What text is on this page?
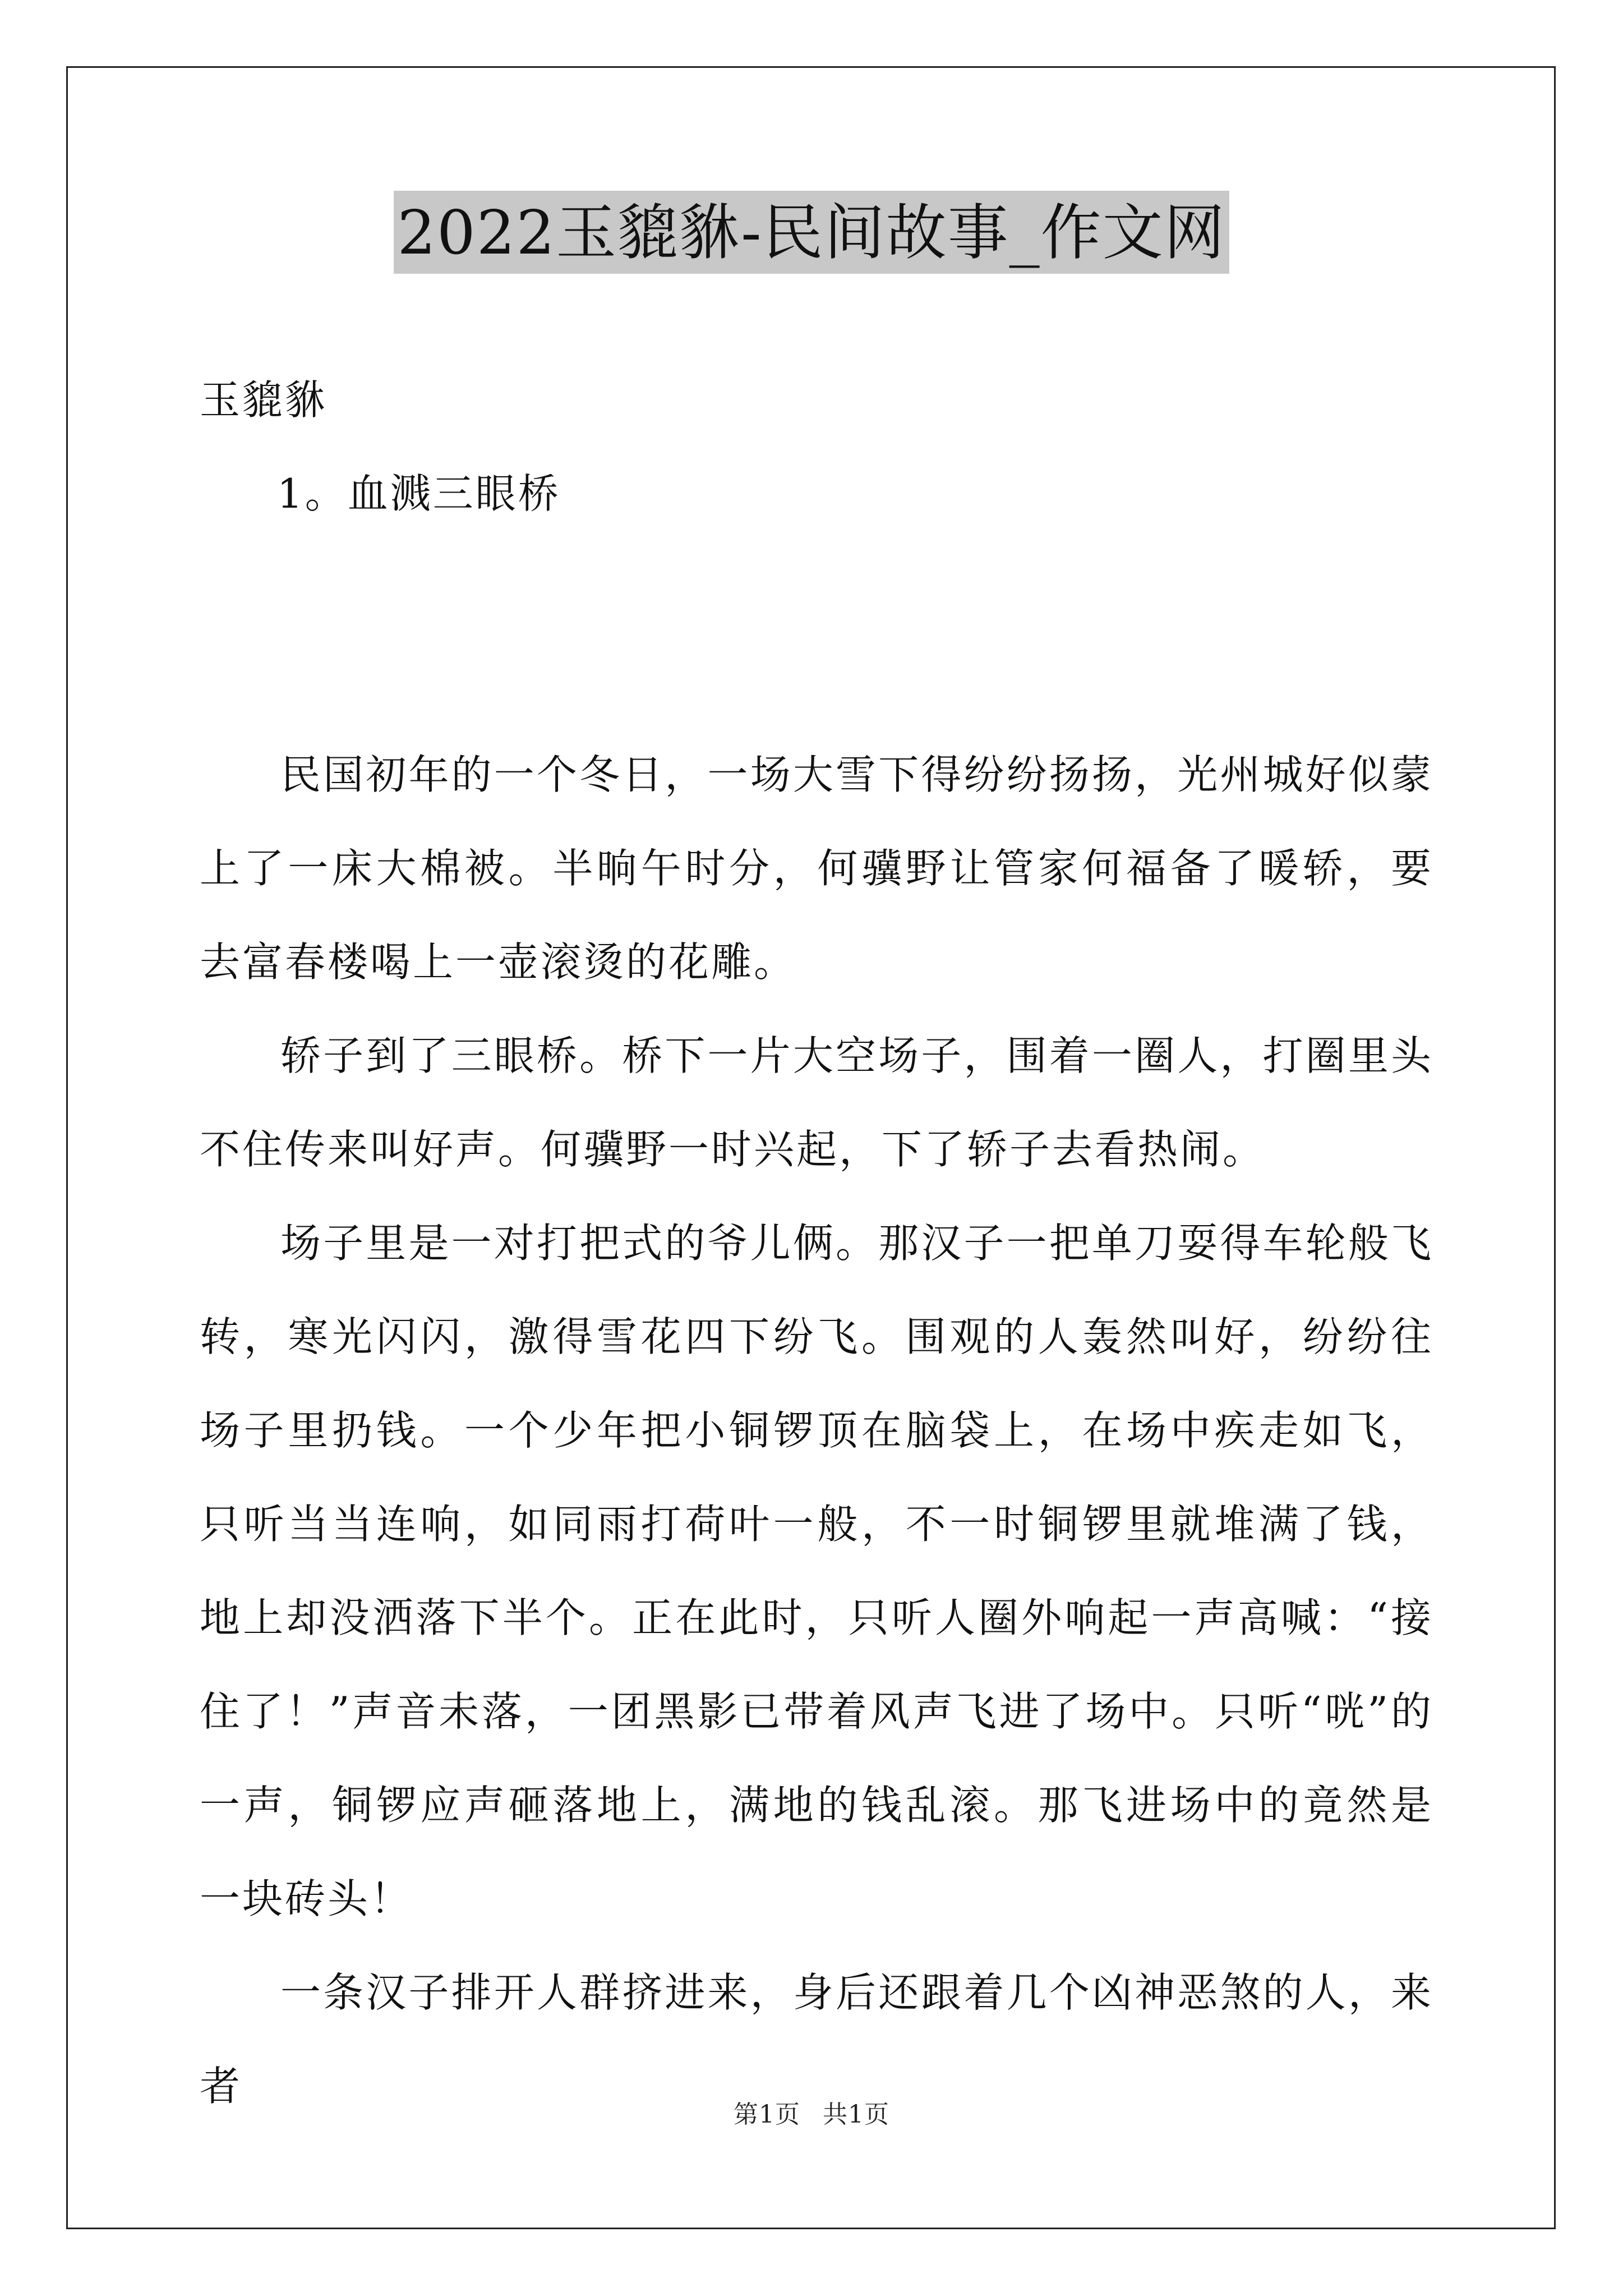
2022玉貔貅-民间故事_作文网

玉貔貅

1。血溅三眼桥

民国初年的一个冬日，一场大雪下得纷纷扬扬，光州城好似蒙上了一床大棉被。半晌午时分，何骥野让管家何福备了暖轿，要去富春楼喝上一壶滚烫的花雕。

轿子到了三眼桥。桥下一片大空场子，围着一圈人，打圈里头不住传来叫好声。何骥野一时兴起，下了轿子去看热闹。

场子里是一对打把式的爷儿俩。那汉子一把单刀耍得车轮般飞转，寒光闪闪，激得雪花四下纷飞。围观的人轰然叫好，纷纷往场子里扔钱。一个少年把小铜锣顶在脑袋上，在场中疾走如飞，只听当当连响，如同雨打荷叶一般，不一时铜锣里就堆满了钱，地上却没洒落下半个。正在此时，只听人圈外响起一声高喊：“接住了！”声音未落，一团黑影已带着风声飞进了场中。只听“咣”的一声，铜锣应声砸落地上，满地的钱乱滚。那飞进场中的竟然是一块砖头！

一条汉子排开人群挤进来，身后还跟着几个凶神恶煞的人，来者

第1页 共1页
